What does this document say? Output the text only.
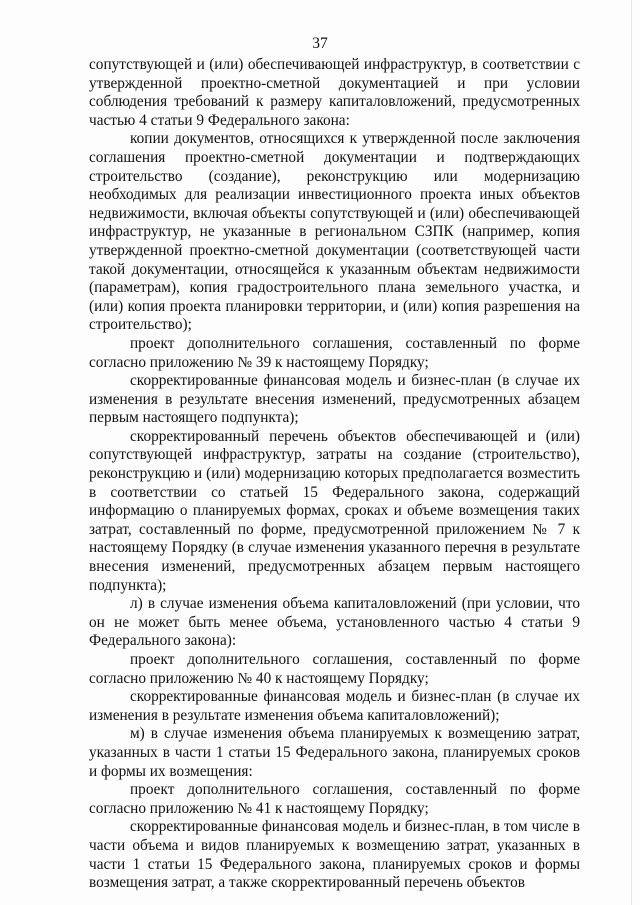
37

сопутствующей и (или) обеспечивающей инфраструктур, в соответствии с утвержденной проектно-сметной документацией и при условии соблюдения требований к размеру капиталовложений, предусмотренных частью 4 статьи 9 Федерального закона:

копии документов, относящихся к утвержденной после заключения соглашения проектно-сметной документации и подтверждающих строительство (создание), реконструкцию или модернизацию необходимых для реализации инвестиционного проекта иных объектов недвижимости, включая объекты сопутствующей и (или) обеспечивающей инфраструктур, не указанные в региональном СЗПК (например, копия утвержденной проектно-сметной документации (соответствующей части такой документации, относящейся к указанным объектам недвижимости (параметрам), копия градостроительного плана земельного участка, и (или) копия проекта планировки территории, и (или) копия разрешения на строительство);

проект дополнительного соглашения, составленный по форме согласно приложению № 39 к настоящему Порядку;

скорректированные финансовая модель и бизнес-план (в случае их изменения в результате внесения изменений, предусмотренных абзацем первым настоящего подпункта);

скорректированный перечень объектов обеспечивающей и (или) сопутствующей инфраструктур, затраты на создание (строительство), реконструкцию и (или) модернизацию которых предполагается возместить в соответствии со статьей 15 Федерального закона, содержащий информацию о планируемых формах, сроках и объеме возмещения таких затрат, составленный по форме, предусмотренной приложением № 7 к настоящему Порядку (в случае изменения указанного перечня в результате внесения изменений, предусмотренных абзацем первым настоящего подпункта);

л) в случае изменения объема капиталовложений (при условии, что он не может быть менее объема, установленного частью 4 статьи 9 Федерального закона):

проект дополнительного соглашения, составленный по форме согласно приложению № 40 к настоящему Порядку;

скорректированные финансовая модель и бизнес-план (в случае их изменения в результате изменения объема капиталовложений);

м) в случае изменения объема планируемых к возмещению затрат, указанных в части 1 статьи 15 Федерального закона, планируемых сроков и формы их возмещения:

проект дополнительного соглашения, составленный по форме согласно приложению № 41 к настоящему Порядку;

скорректированные финансовая модель и бизнес-план, в том числе в части объема и видов планируемых к возмещению затрат, указанных в части 1 статьи 15 Федерального закона, планируемых сроков и формы возмещения затрат, а также скорректированный перечень объектов
